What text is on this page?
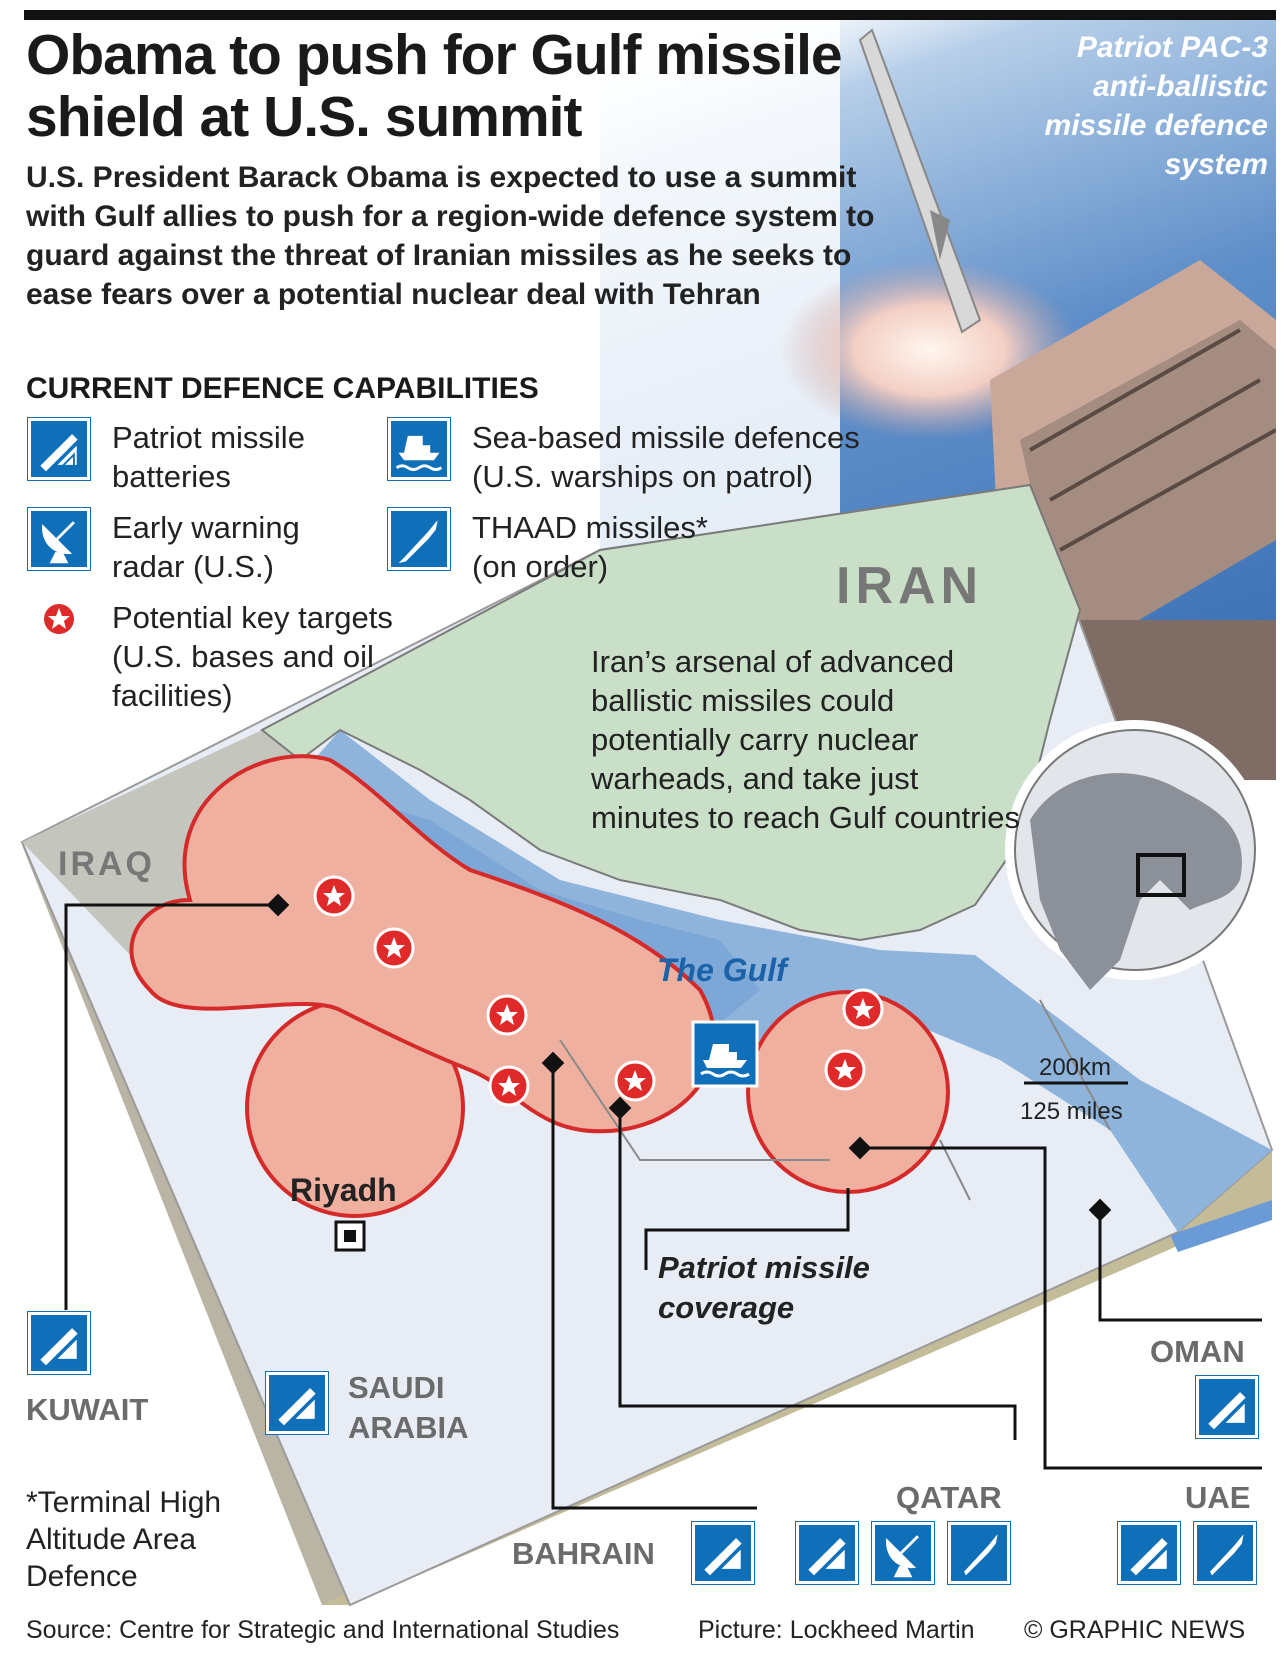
Obama to push for Gulf missile shield at U.S. summit
U.S. President Barack Obama is expected to use a summit with Gulf allies to push for a region-wide defence system to guard against the threat of Iranian missiles as he seeks to ease fears over a potential nuclear deal with Tehran
Patriot PAC-3 anti-ballistic missile defence system
CURRENT DEFENCE CAPABILITIES
IRAN
IRAQ
The Gulf
Riyadh
Iran’s arsenal of advanced ballistic missiles could potentially carry nuclear warheads, and take just minutes to reach Gulf countries
Patriot missile coverage
200km
125 miles
KUWAIT
SAUDI ARABIA
BAHRAIN
QATAR	UAE
OMAN
Patriot missile batteries
Sea-based missile defences (U.S. warships on patrol)
Early warning radar (U.S.)
THAAD missiles* (on order)
Potential key targets (U.S. bases and oil facilities)
*Terminal High Altitude Area Defence
Source: Centre for Strategic and International Studies	Picture: Lockheed Martin © GRAPHIC NEWS
